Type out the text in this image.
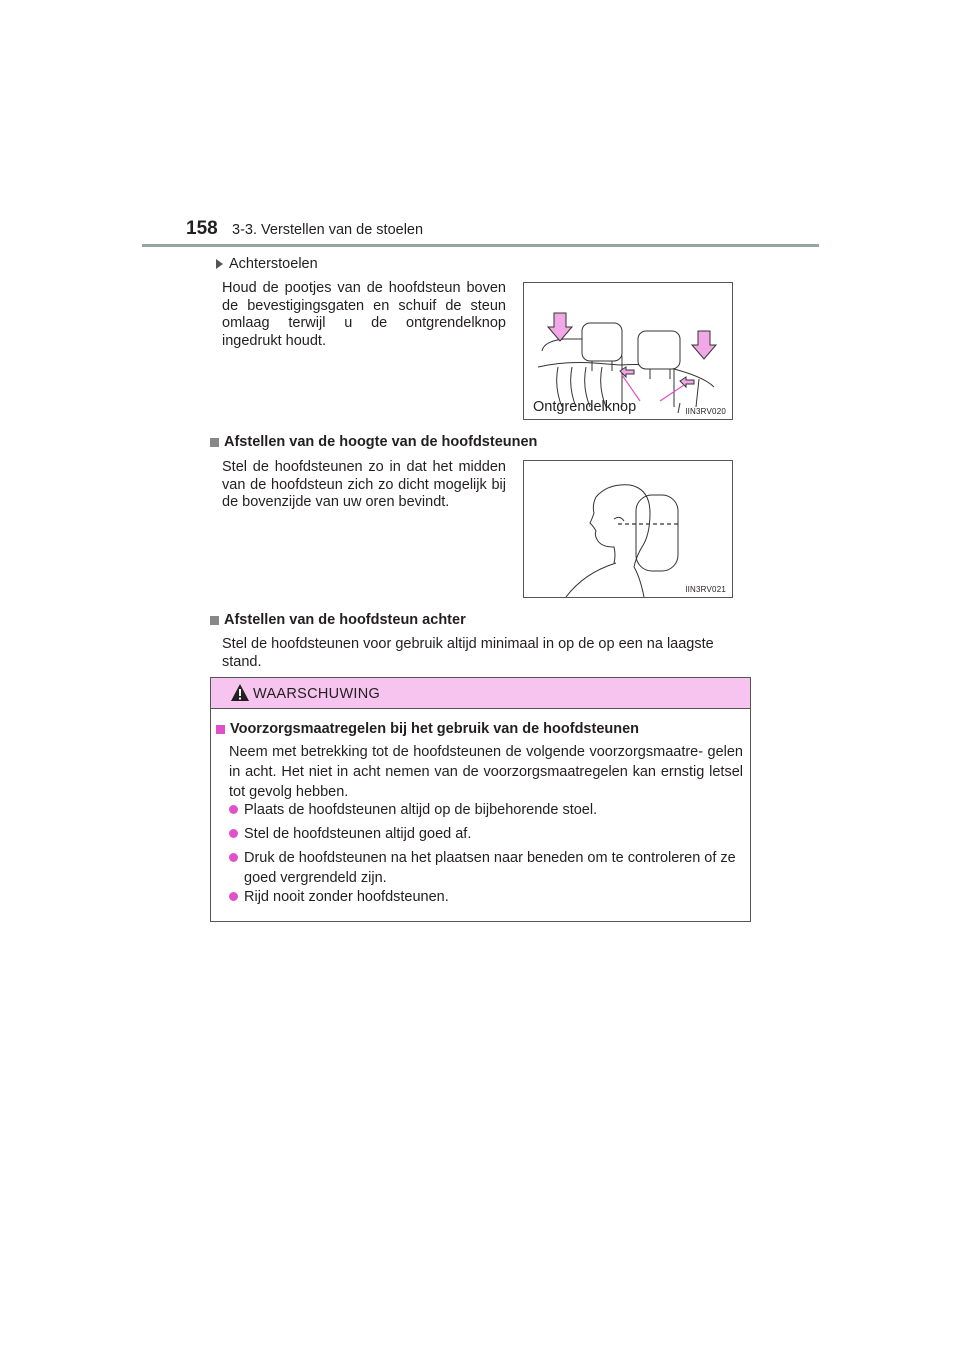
158 3-3. Verstellen van de stoelen
Achterstoelen
Houd de pootjes van de hoofdsteun boven de bevestigingsgaten en schuif de steun omlaag terwijl u de ontgrendelknop ingedrukt houdt.
Ontgrendelknop	IIN3RV020
Afstellen van de hoogte van de hoofdsteunen
Stel de hoofdsteunen zo in dat het midden van de hoofdsteun zich zo dicht mogelijk bij de bovenzijde van uw oren bevindt.
IIN3RV021
Afstellen van de hoofdsteun achter
Stel de hoofdsteunen voor gebruik altijd minimaal in op de op een na laagste stand.
WAARSCHUWING
Voorzorgsmaatregelen bij het gebruik van de hoofdsteunen
Neem met betrekking tot de hoofdsteunen de volgende voorzorgsmaatre- gelen in acht. Het niet in acht nemen van de voorzorgsmaatregelen kan ernstig letsel tot gevolg hebben.
Plaats de hoofdsteunen altijd op de bijbehorende stoel.
Stel de hoofdsteunen altijd goed af.
Druk de hoofdsteunen na het plaatsen naar beneden om te controleren of ze goed vergrendeld zijn.
Rijd nooit zonder hoofdsteunen.
